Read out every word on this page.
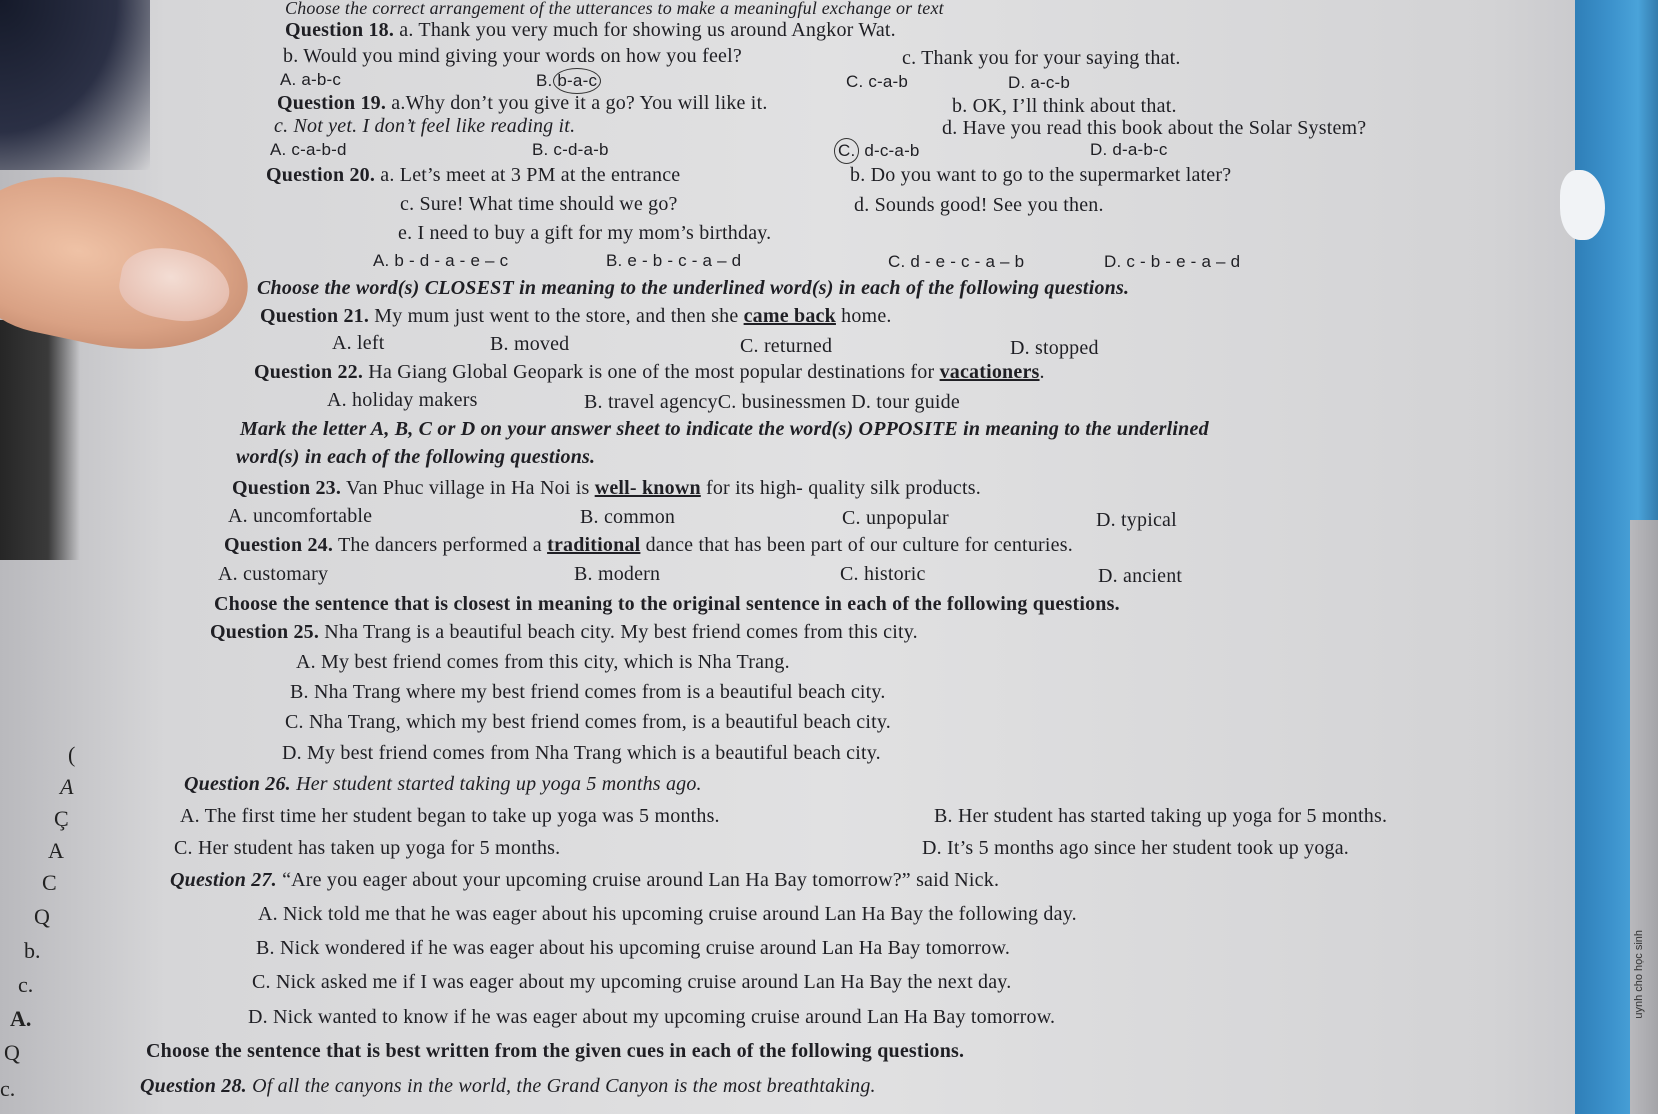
uynh cho học sinh
Choose the correct arrangement of the utterances to make a meaningful exchange or text
Question 18. a. Thank you very much for showing us around Angkor Wat.
b. Would you mind giving your words on how you feel?	c. Thank you for your saying that.
A. a-b-c	B. b-a-c	C. c-a-b	D. a-c-b
Question 19. a.Why don’t you give it a go? You will like it.	b. OK, I’ll think about that.
c. Not yet. I don’t feel like reading it.	d. Have you read this book about the Solar System?
A. c-a-b-d	B. c-d-a-b	C. d-c-a-b	D. d-a-b-c
Question 20. a. Let’s meet at 3 PM at the entrance	b. Do you want to go to the supermarket later?
c. Sure! What time should we go?	d. Sounds good! See you then.
e. I need to buy a gift for my mom’s birthday.
A. b - d - a - e – c	B. e - b - c - a – d	C. d - e - c - a – b	D. c - b - e - a – d
Choose the word(s) CLOSEST in meaning to the underlined word(s) in each of the following questions.
Question 21. My mum just went to the store, and then she came back home.
A. left	B. moved	C. returned	D. stopped
Question 22. Ha Giang Global Geopark is one of the most popular destinations for vacationers.
A. holiday makers	B. travel agencyC. businessmen D. tour guide
Mark the letter A, B, C or D on your answer sheet to indicate the word(s) OPPOSITE in meaning to the underlined
word(s) in each of the following questions.
Question 23. Van Phuc village in Ha Noi is well- known for its high- quality silk products.
A. uncomfortable	B. common	C. unpopular	D. typical
Question 24. The dancers performed a traditional dance that has been part of our culture for centuries.
A. customary	B. modern	C. historic	D. ancient
Choose the sentence that is closest in meaning to the original sentence in each of the following questions.
Question 25. Nha Trang is a beautiful beach city. My best friend comes from this city.
A. My best friend comes from this city, which is Nha Trang.
B. Nha Trang where my best friend comes from is a beautiful beach city.
C. Nha Trang, which my best friend comes from, is a beautiful beach city.
D. My best friend comes from Nha Trang which is a beautiful beach city.
Question 26. Her student started taking up yoga 5 months ago.
A. The first time her student began to take up yoga was 5 months.	B. Her student has started taking up yoga for 5 months.
C. Her student has taken up yoga for 5 months.	D. It’s 5 months ago since her student took up yoga.
Question 27. “Are you eager about your upcoming cruise around Lan Ha Bay tomorrow?” said Nick.
A. Nick told me that he was eager about his upcoming cruise around Lan Ha Bay the following day.
B. Nick wondered if he was eager about his upcoming cruise around Lan Ha Bay tomorrow.
C. Nick asked me if I was eager about my upcoming cruise around Lan Ha Bay the next day.
D. Nick wanted to know if he was eager about my upcoming cruise around Lan Ha Bay tomorrow.
Choose the sentence that is best written from the given cues in each of the following questions.
Question 28. Of all the canyons in the world, the Grand Canyon is the most breathtaking.
(
A
Ç
A
C
Q
b.
c.
A.
Q
c.
